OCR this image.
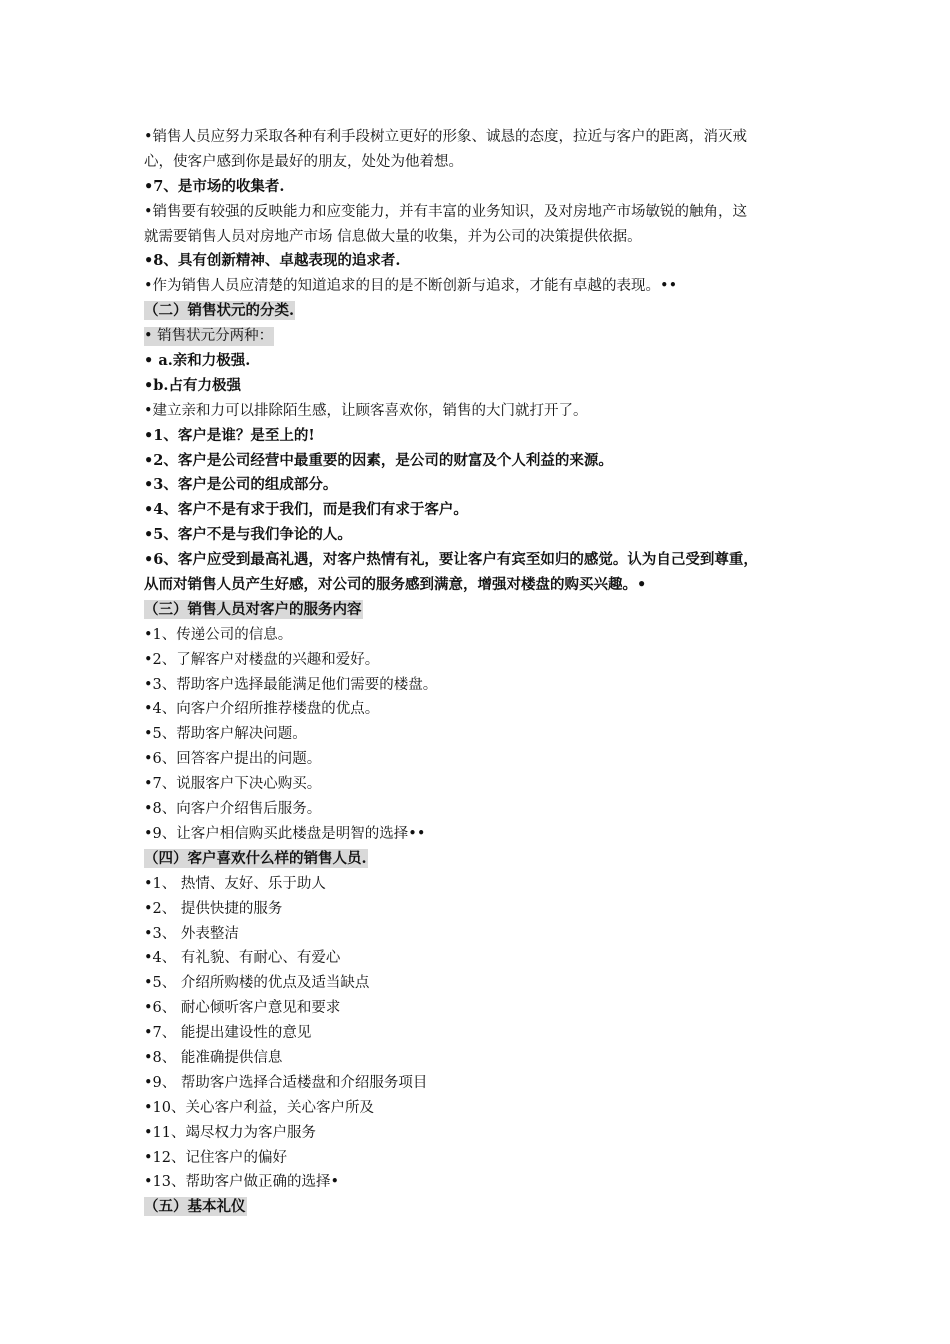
•销售人员应努力采取各种有利手段树立更好的形象、诚恳的态度，拉近与客户的距离，消灭戒
心，使客户感到你是最好的朋友，处处为他着想。
•7、是市场的收集者.
•销售要有较强的反映能力和应变能力，并有丰富的业务知识，及对房地产市场敏锐的触角，这
就需要销售人员对房地产市场 信息做大量的收集，并为公司的决策提供依据。
•8、具有创新精神、卓越表现的追求者.
•作为销售人员应清楚的知道追求的目的是不断创新与追求，才能有卓越的表现。••
（二）销售状元的分类.
• 销售状元分两种：
• a.亲和力极强.
•b.占有力极强
•建立亲和力可以排除陌生感，让顾客喜欢你，销售的大门就打开了。
•1、客户是谁？是至上的!
•2、客户是公司经营中最重要的因素，是公司的财富及个人利益的来源。
•3、客户是公司的组成部分。
•4、客户不是有求于我们，而是我们有求于客户。
•5、客户不是与我们争论的人。
•6、客户应受到最高礼遇，对客户热情有礼，要让客户有宾至如归的感觉。认为自己受到尊重，
从而对销售人员产生好感，对公司的服务感到满意，增强对楼盘的购买兴趣。•
（三）销售人员对客户的服务内容
•1、传递公司的信息。
•2、了解客户对楼盘的兴趣和爱好。
•3、帮助客户选择最能满足他们需要的楼盘。
•4、向客户介绍所推荐楼盘的优点。
•5、帮助客户解决问题。
•6、回答客户提出的问题。
•7、说服客户下决心购买。
•8、向客户介绍售后服务。
•9、让客户相信购买此楼盘是明智的选择••
（四）客户喜欢什么样的销售人员.
•1、 热情、友好、乐于助人
•2、 提供快捷的服务
•3、 外表整洁
•4、 有礼貌、有耐心、有爱心
•5、 介绍所购楼的优点及适当缺点
•6、 耐心倾听客户意见和要求
•7、 能提出建设性的意见
•8、 能准确提供信息
•9、 帮助客户选择合适楼盘和介绍服务项目
•10、关心客户利益，关心客户所及
•11、竭尽权力为客户服务
•12、记住客户的偏好
•13、帮助客户做正确的选择•
（五）基本礼仪
